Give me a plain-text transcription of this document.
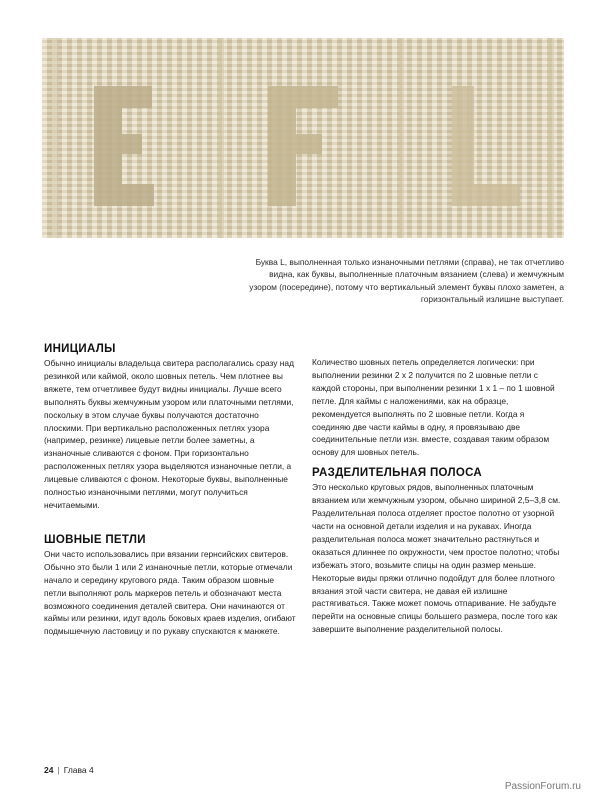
Буква L, выполненная только изнаночными петлями (справа), не так отчетливо
видна, как буквы, выполненные платочным вязанием (слева) и жемчужным
узором (посередине), потому что вертикальный элемент буквы плохо заметен, а
горизонтальный излишне выступает.
ИНИЦИАЛЫ

Обычно инициалы владельца свитера располагались сразу над резинкой или каймой, около шовных петель. Чем плотнее вы вяжете, тем отчетливее будут видны инициалы. Лучше всего выполнять буквы жемчужным узором или платочными петлями, поскольку в этом случае буквы получаются достаточно плоскими. При вертикально расположенных петлях узора (например, резинке) лицевые петли более заметны, а изнаночные сливаются с фоном. При горизонтально расположенных петлях узора выделяются изнаночные петли, а лицевые сливаются с фоном. Некоторые буквы, выполненные полностью изнаночными петлями, могут получиться нечитаемыми.

ШОВНЫЕ ПЕТЛИ

Они часто использовались при вязании гернсийских свитеров. Обычно это были 1 или 2 изнаночные петли, которые отмечали начало и середину кругового ряда. Таким образом шовные петли выполняют роль маркеров петель и обозначают места возможного соединения деталей свитера. Они начинаются от каймы или резинки, идут вдоль боковых краев изделия, огибают подмышечную ластовицу и по рукаву спускаются к манжете.

Количество шовных петель определяется логически: при выполнении резинки 2 x 2 получится по 2 шовные петли с каждой стороны, при выполнении резинки 1 x 1 – по 1 шовной петле. Для каймы с наложениями, как на образце, рекомендуется выполнять по 2 шовные петли. Когда я соединяю две части каймы в одну, я провязываю две соединительные петли изн. вместе, создавая таким образом основу для шовных петель.

РАЗДЕЛИТЕЛЬНАЯ ПОЛОСА

Это несколько круговых рядов, выполненных платочным вязанием или жемчужным узором, обычно шириной 2,5–3,8 см. Разделительная полоса отделяет простое полотно от узорной части на основной детали изделия и на рукавах. Иногда разделительная полоса может значительно растянуться и оказаться длиннее по окружности, чем простое полотно; чтобы избежать этого, возьмите спицы на один размер меньше. Некоторые виды пряжи отлично подойдут для более плотного вязания этой части свитера, не давая ей излишне растягиваться. Также может помочь отпаривание. Не забудьте перейти на основные спицы большего размера, после того как завершите выполнение разделительной полосы.

24 | Глава 4
PassionForum.ru
